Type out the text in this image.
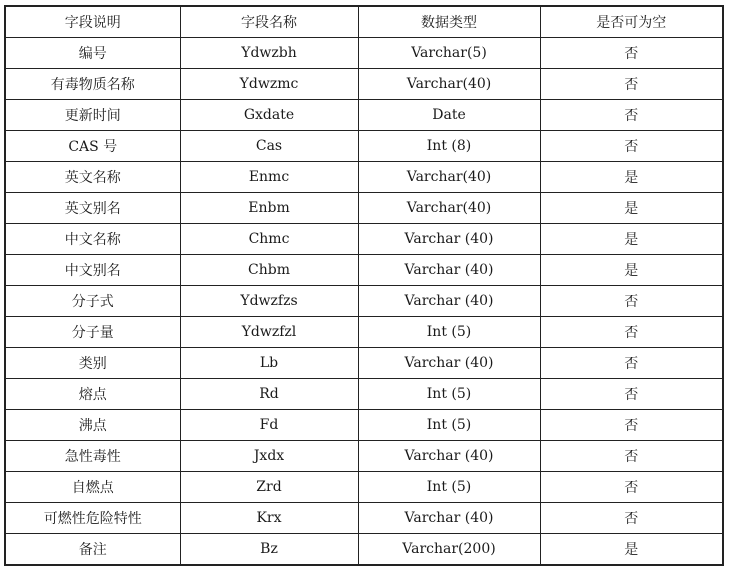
字段说明	字段名称	数据类型	是否可为空
编号	Ydwzbh	Varchar(5)	否
有毒物质名称	Ydwzmc	Varchar(40)	否
更新时间	Gxdate	Date	否
CAS 号	Cas	Int (8)	否
英文名称	Enmc	Varchar(40)	是
英文别名	Enbm	Varchar(40)	是
中文名称	Chmc	Varchar (40)	是
中文别名	Chbm	Varchar (40)	是
分子式	Ydwzfzs	Varchar (40)	否
分子量	Ydwzfzl	Int (5)	否
类别	Lb	Varchar (40)	否
熔点	Rd	Int (5)	否
沸点	Fd	Int (5)	否
急性毒性	Jxdx	Varchar (40)	否
自燃点	Zrd	Int (5)	否
可燃性危险特性	Krx	Varchar (40)	否
备注	Bz	Varchar(200)	是
